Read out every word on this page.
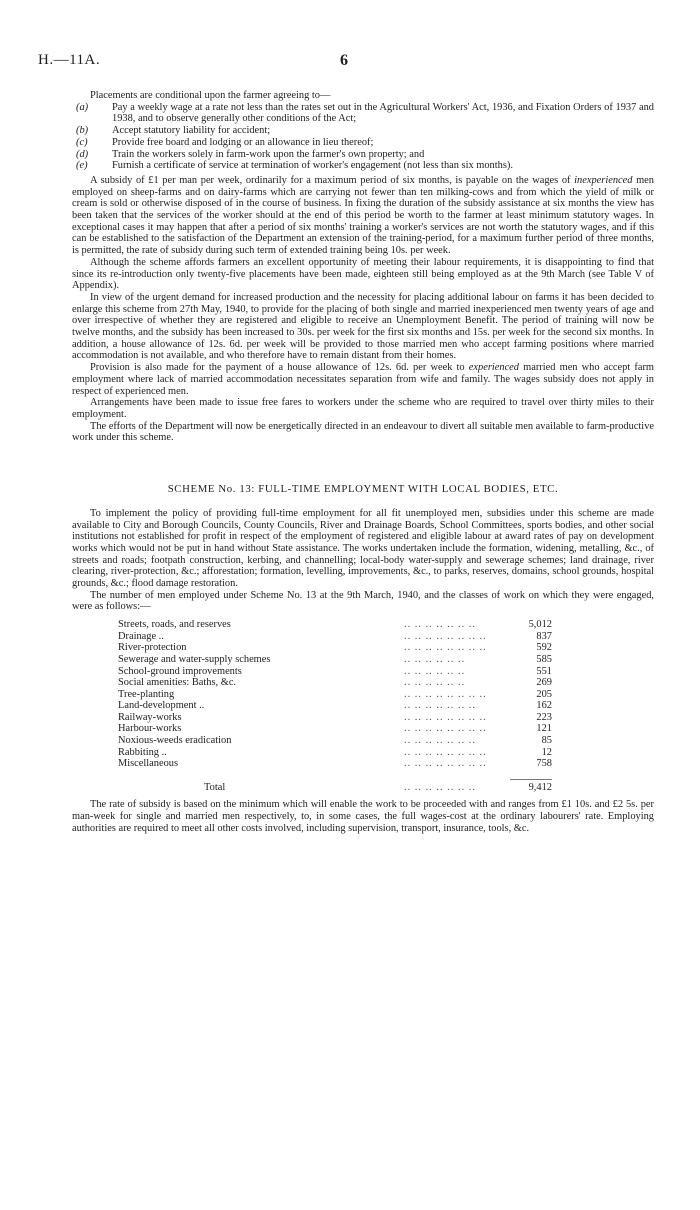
H.—11A.	6

Placements are conditional upon the farmer agreeing to—

(a) Pay a weekly wage at a rate not less than the rates set out in the Agricultural Workers' Act, 1936, and Fixation Orders of 1937 and 1938, and to observe generally other conditions of the Act;
(b) Accept statutory liability for accident;
(c) Provide free board and lodging or an allowance in lieu thereof;
(d) Train the workers solely in farm-work upon the farmer's own property; and
(e) Furnish a certificate of service at termination of worker's engagement (not less than six months).

A subsidy of £1 per man per week, ordinarily for a maximum period of six months, is payable on the wages of inexperienced men employed on sheep-farms and on dairy-farms which are carrying not fewer than ten milking-cows and from which the yield of milk or cream is sold or otherwise disposed of in the course of business. In fixing the duration of the subsidy assistance at six months the view has been taken that the services of the worker should at the end of this period be worth to the farmer at least minimum statutory wages. In exceptional cases it may happen that after a period of six months' training a worker's services are not worth the statutory wages, and if this can be established to the satisfaction of the Department an extension of the training-period, for a maximum further period of three months, is permitted, the rate of subsidy during such term of extended training being 10s. per week.

Although the scheme affords farmers an excellent opportunity of meeting their labour requirements, it is disappointing to find that since its re-introduction only twenty-five placements have been made, eighteen still being employed as at the 9th March (see Table V of Appendix).

In view of the urgent demand for increased production and the necessity for placing additional labour on farms it has been decided to enlarge this scheme from 27th May, 1940, to provide for the placing of both single and married inexperienced men twenty years of age and over irrespective of whether they are registered and eligible to receive an Unemployment Benefit. The period of training will now be twelve months, and the subsidy has been increased to 30s. per week for the first six months and 15s. per week for the second six months. In addition, a house allowance of 12s. 6d. per week will be provided to those married men who accept farming positions where married accommodation is not available, and who therefore have to remain distant from their homes.

Provision is also made for the payment of a house allowance of 12s. 6d. per week to experienced married men who accept farm employment where lack of married accommodation necessitates separation from wife and family. The wages subsidy does not apply in respect of experienced men.

Arrangements have been made to issue free fares to workers under the scheme who are required to travel over thirty miles to their employment.

The efforts of the Department will now be energetically directed in an endeavour to divert all suitable men available to farm-productive work under this scheme.

SCHEME No. 13: FULL-TIME EMPLOYMENT WITH LOCAL BODIES, ETC.

To implement the policy of providing full-time employment for all fit unemployed men, subsidies under this scheme are made available to City and Borough Councils, County Councils, River and Drainage Boards, School Committees, sports bodies, and other social institutions not established for profit in respect of the employment of registered and eligible labour at award rates of pay on development works which would not be put in hand without State assistance. The works undertaken include the formation, widening, metalling, &c., of streets and roads; footpath construction, kerbing, and channelling; local-body water-supply and sewerage schemes; land drainage, river clearing, river-protection, &c.; afforestation; formation, levelling, improvements, &c., to parks, reserves, domains, school grounds, hospital grounds, &c.; flood damage restoration.

The number of men employed under Scheme No. 13 at the 9th March, 1940, and the classes of work on which they were engaged, were as follows:—

Streets, roads, and reserves	.. .. .. .. .. .. ..	5,012
Drainage ..	.. .. .. .. .. .. .. ..	837
River-protection	.. .. .. .. .. .. .. ..	592
Sewerage and water-supply schemes	.. .. .. .. .. ..	585
School-ground improvements	.. .. .. .. .. ..	551
Social amenities: Baths, &c.	.. .. .. .. .. ..	269
Tree-planting	.. .. .. .. .. .. .. ..	205
Land-development ..	.. .. .. .. .. .. ..	162
Railway-works	.. .. .. .. .. .. .. ..	223
Harbour-works	.. .. .. .. .. .. .. ..	121
Noxious-weeds eradication	.. .. .. .. .. .. ..	85
Rabbiting ..	.. .. .. .. .. .. .. ..	12
Miscellaneous	.. .. .. .. .. .. .. ..	758

Total	.. .. .. .. .. .. ..	9,412

The rate of subsidy is based on the minimum which will enable the work to be proceeded with and ranges from £1 10s. and £2 5s. per man-week for single and married men respectively, to, in some cases, the full wages-cost at the ordinary labourers' rate. Employing authorities are required to meet all other costs involved, including supervision, transport, insurance, tools, &c.
